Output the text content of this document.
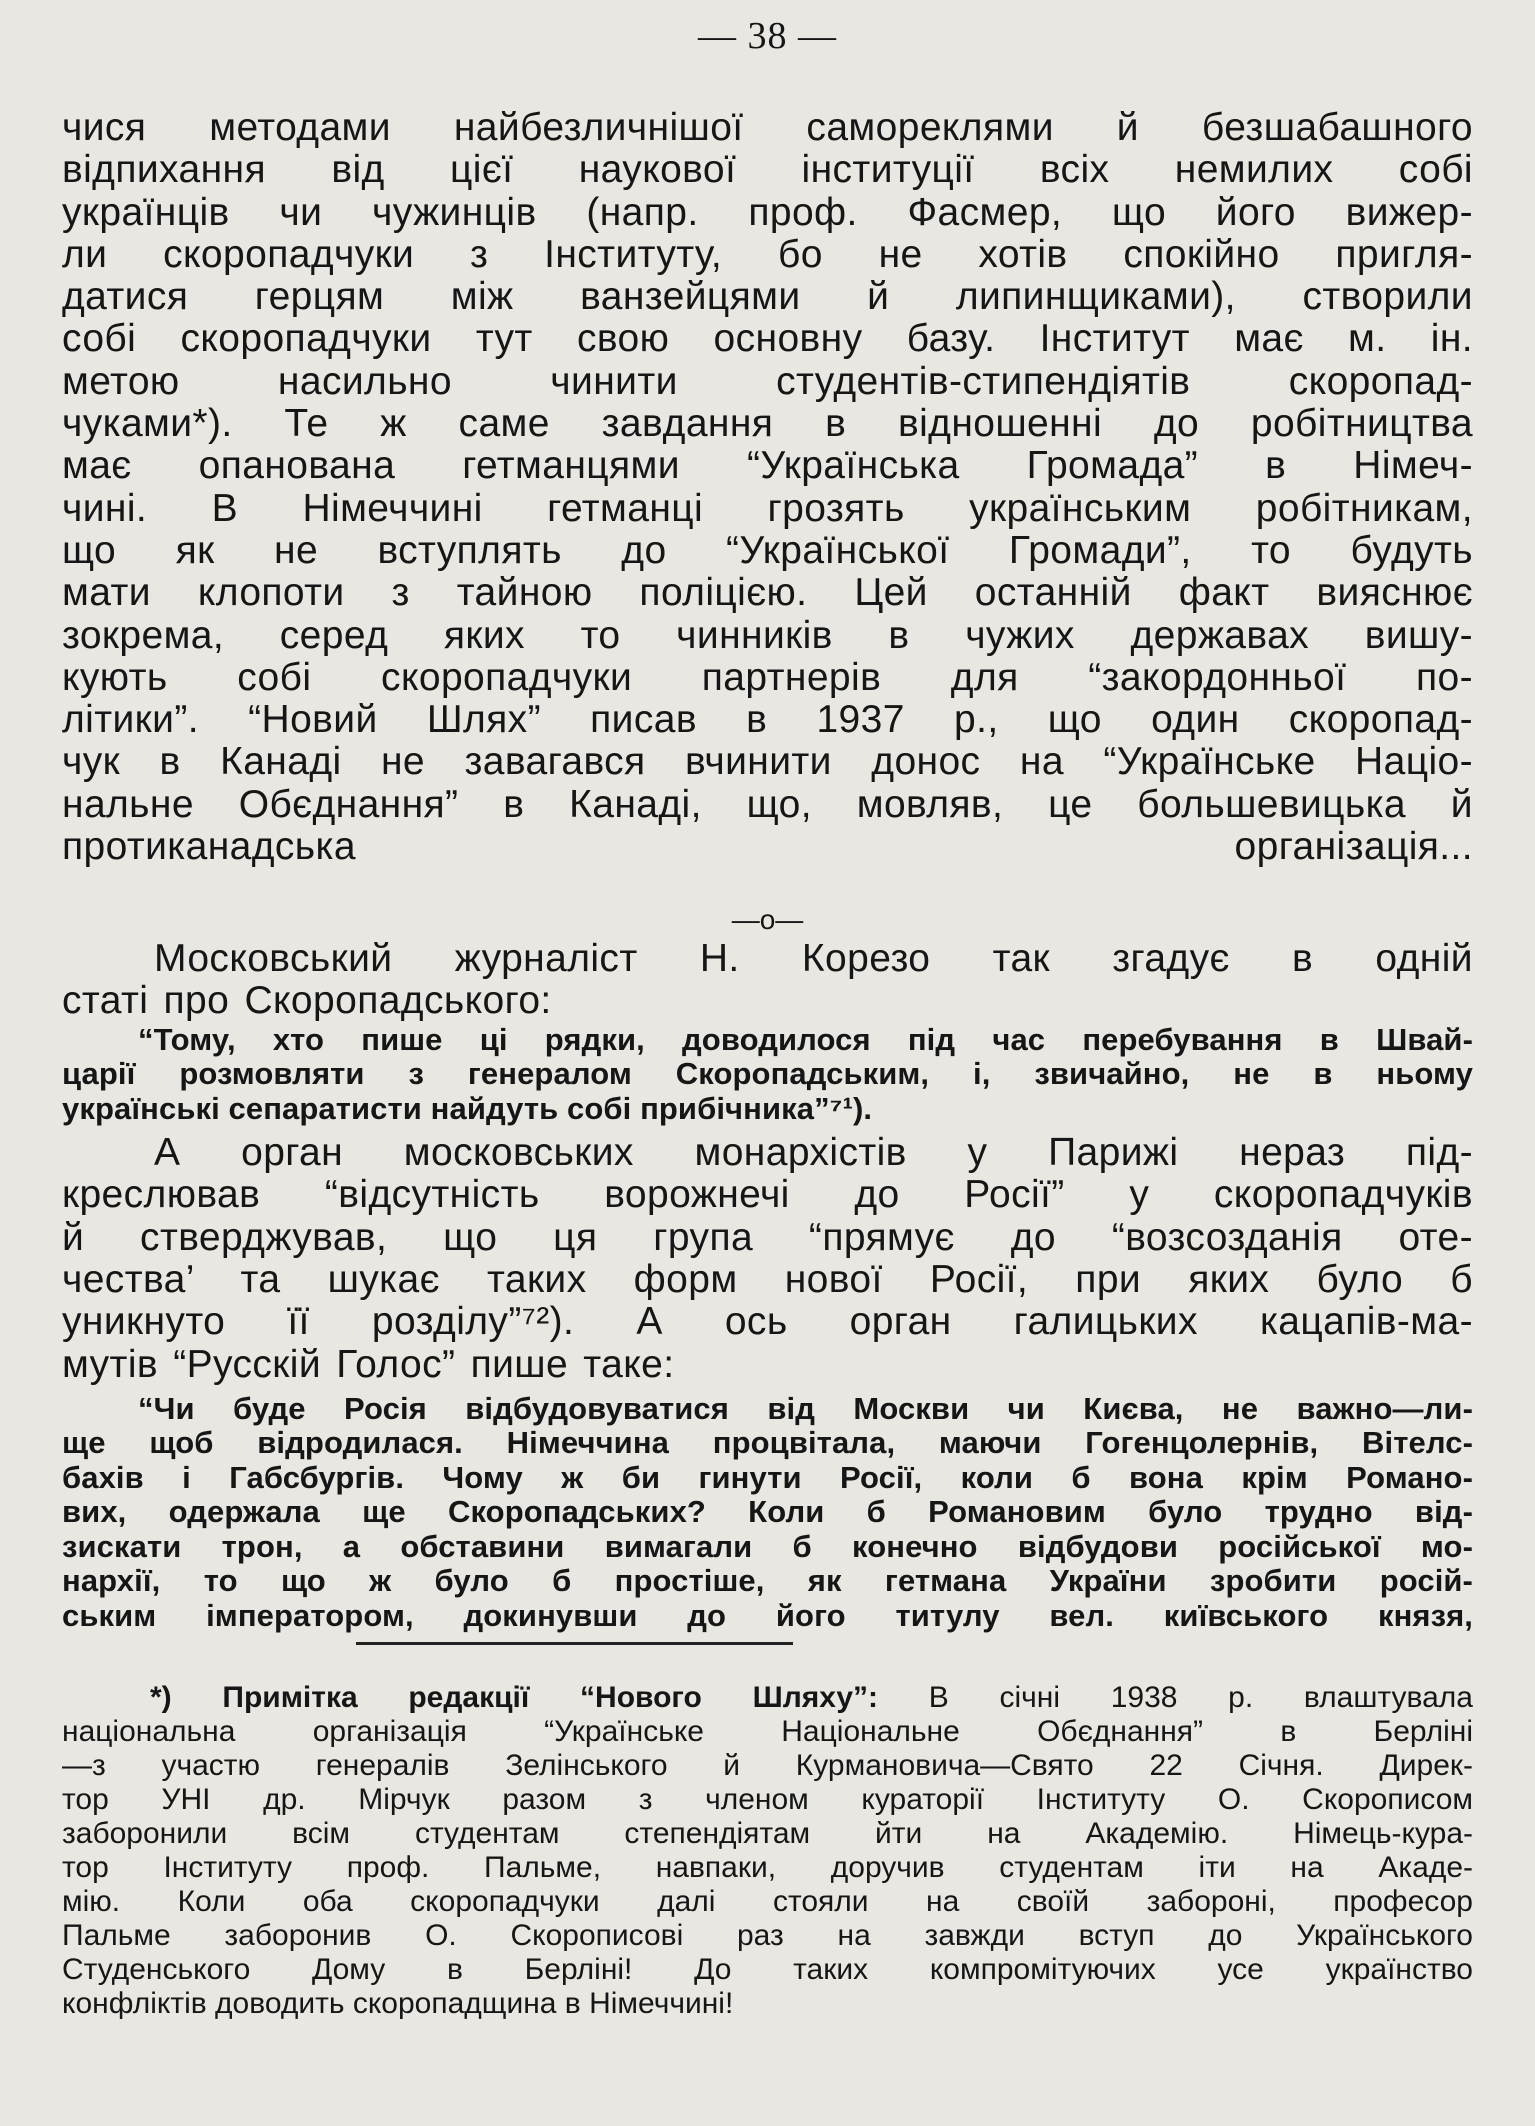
— 38 —
чися методами найбезличнішої самореклями й безшабашного
відпихання від цієї наукової інституції всіх немилих собі
українців чи чужинців (напр. проф. Фасмер, що його вижер-
ли скоропадчуки з Інституту, бо не хотів спокійно пригля-
датися герцям між ванзейцями й липинщиками), створили
собі скоропадчуки тут свою основну базу. Інститут має м. ін.
метою насильно чинити студентів-стипендіятів скоропад-
чуками*). Те ж саме завдання в відношенні до робітництва
має опанована гетманцями “Українська Громада” в Німеч-
чині. В Німеччині гетманці грозять українським робітникам,
що як не вступлять до “Української Громади”, то будуть
мати клопоти з тайною поліцією. Цей останній факт вияснює
зокрема, серед яких то чинників в чужих державах вишу-
кують собі скоропадчуки партнерів для “закордонньої по-
літики”. “Новий Шлях” писав в 1937 р., що один скоропад-
чук в Канаді не завагався вчинити донос на “Українське Націо-
нальне Обєднання” в Канаді, що, мовляв, це большевицька й
протиканадська організація...
—о—
Московський журналіст Н. Корезо так згадує в одній
статі про Скоропадського:
“Тому, хто пише ці рядки, доводилося під час перебування в Швай-
царії розмовляти з генералом Скоропадським, і, звичайно, не в ньому
українські сепаратисти найдуть собі прибічника”⁷¹).
А орган московських монархістів у Парижі нераз під-
креслював “відсутність ворожнечі до Росії” у скоропадчуків
й стверджував, що ця група “прямує до “возсозданія оте-
чества’ та шукає таких форм нової Росії, при яких було б
уникнуто її розділу”⁷²). А ось орган галицьких кацапів-ма-
мутів “Русскій Голос” пише таке:
“Чи буде Росія відбудовуватися від Москви чи Києва, не важно—ли-
ще щоб відродилася. Німеччина процвітала, маючи Гогенцолернів, Вітелс-
бахів і Габсбургів. Чому ж би гинути Росії, коли б вона крім Романо-
вих, одержала ще Скоропадських? Коли б Романовим було трудно від-
зискати трон, а обставини вимагали б конечно відбудови російської мо-
нархії, то що ж було б простіше, як гетмана України зробити росій-
ським імператором, докинувши до його титулу вел. київського князя,
*) Примітка редакції “Нового Шляху”: В січні 1938 р. влаштувала
національна організація “Українське Національне Обєднання” в Берліні
—з участю генералів Зелінського й Курмановича—Свято 22 Січня. Дирек-
тор УНІ др. Мірчук разом з членом кураторії Інституту О. Скорописом
заборонили всім студентам степендіятам йти на Академію. Німець-кура-
тор Інституту проф. Пальме, навпаки, доручив студентам іти на Акаде-
мію. Коли оба скоропадчуки далі стояли на своїй забороні, професор
Пальме заборонив О. Скорописові раз на завжди вступ до Українського
Студенського Дому в Берліні! До таких компромітуючих усе українство
конфліктів доводить скоропадщина в Німеччині!
